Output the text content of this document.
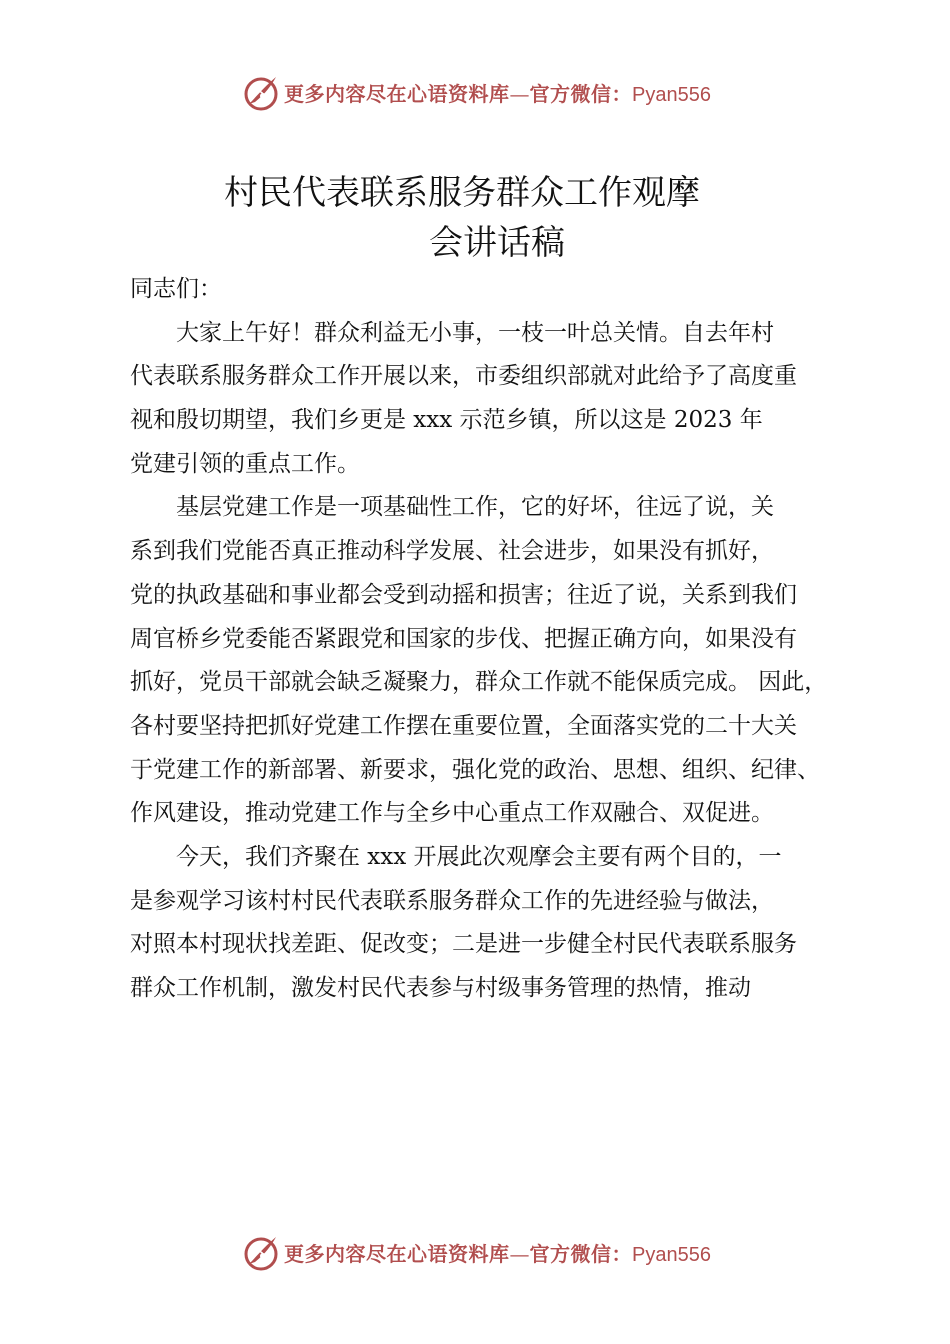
更多内容尽在心语资料库—官方微信：Pyan556
村民代表联系服务群众工作观摩
会讲话稿
同志们：
　　大家上午好！群众利益无小事，一枝一叶总关情。自去年村
代表联系服务群众工作开展以来，市委组织部就对此给予了高度重
视和殷切期望，我们乡更是 xxx 示范乡镇，所以这是 2023 年
党建引领的重点工作。
　　基层党建工作是一项基础性工作，它的好坏，往远了说，关
系到我们党能否真正推动科学发展、社会进步，如果没有抓好，
党的执政基础和事业都会受到动摇和损害；往近了说，关系到我们
周官桥乡党委能否紧跟党和国家的步伐、把握正确方向，如果没有
抓好，党员干部就会缺乏凝聚力，群众工作就不能保质完成。 因此，
各村要坚持把抓好党建工作摆在重要位置，全面落实党的二十大关
于党建工作的新部署、新要求，强化党的政治、思想、组织、纪律、
作风建设，推动党建工作与全乡中心重点工作双融合、双促进。
　　今天，我们齐聚在 xxx 开展此次观摩会主要有两个目的，一
是参观学习该村村民代表联系服务群众工作的先进经验与做法，
对照本村现状找差距、促改变；二是进一步健全村民代表联系服务
群众工作机制，激发村民代表参与村级事务管理的热情，推动
更多内容尽在心语资料库—官方微信：Pyan556
